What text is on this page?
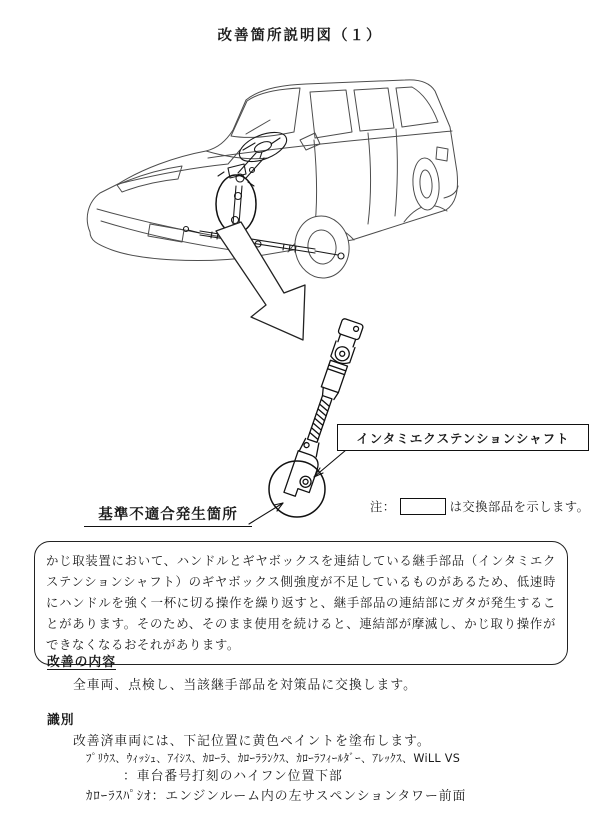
改善箇所説明図（１）
インタミエクステンションシャフト
基準不適合発生箇所	注：	は交換部品を示します。
かじ取装置において、ハンドルとギヤボックスを連結している継手部品（インタミエクステンションシャフト）のギヤボックス側強度が不足しているものがあるため、低速時にハンドルを強く一杯に切る操作を繰り返すと、継手部品の連結部にガタが発生することがあります。そのため、そのまま使用を続けると、連結部が摩滅し、かじ取り操作ができなくなるおそれがあります。
改善の内容
全車両、点検し、当該継手部品を対策品に交換します。
識別
改善済車両には、下記位置に黄色ペイントを塗布します。
ﾌﾟﾘｳｽ、ｳｨｯｼｭ、ｱｲｼｽ、ｶﾛｰﾗ、ｶﾛｰﾗﾗﾝｸｽ、ｶﾛｰﾗﾌｨｰﾙﾀﾞｰ、ｱﾚｯｸｽ、WiLL VS
：車台番号打刻のハイフン位置下部
ｶﾛｰﾗｽﾊﾟｼｵ：エンジンルーム内の左サスペンションタワー前面
